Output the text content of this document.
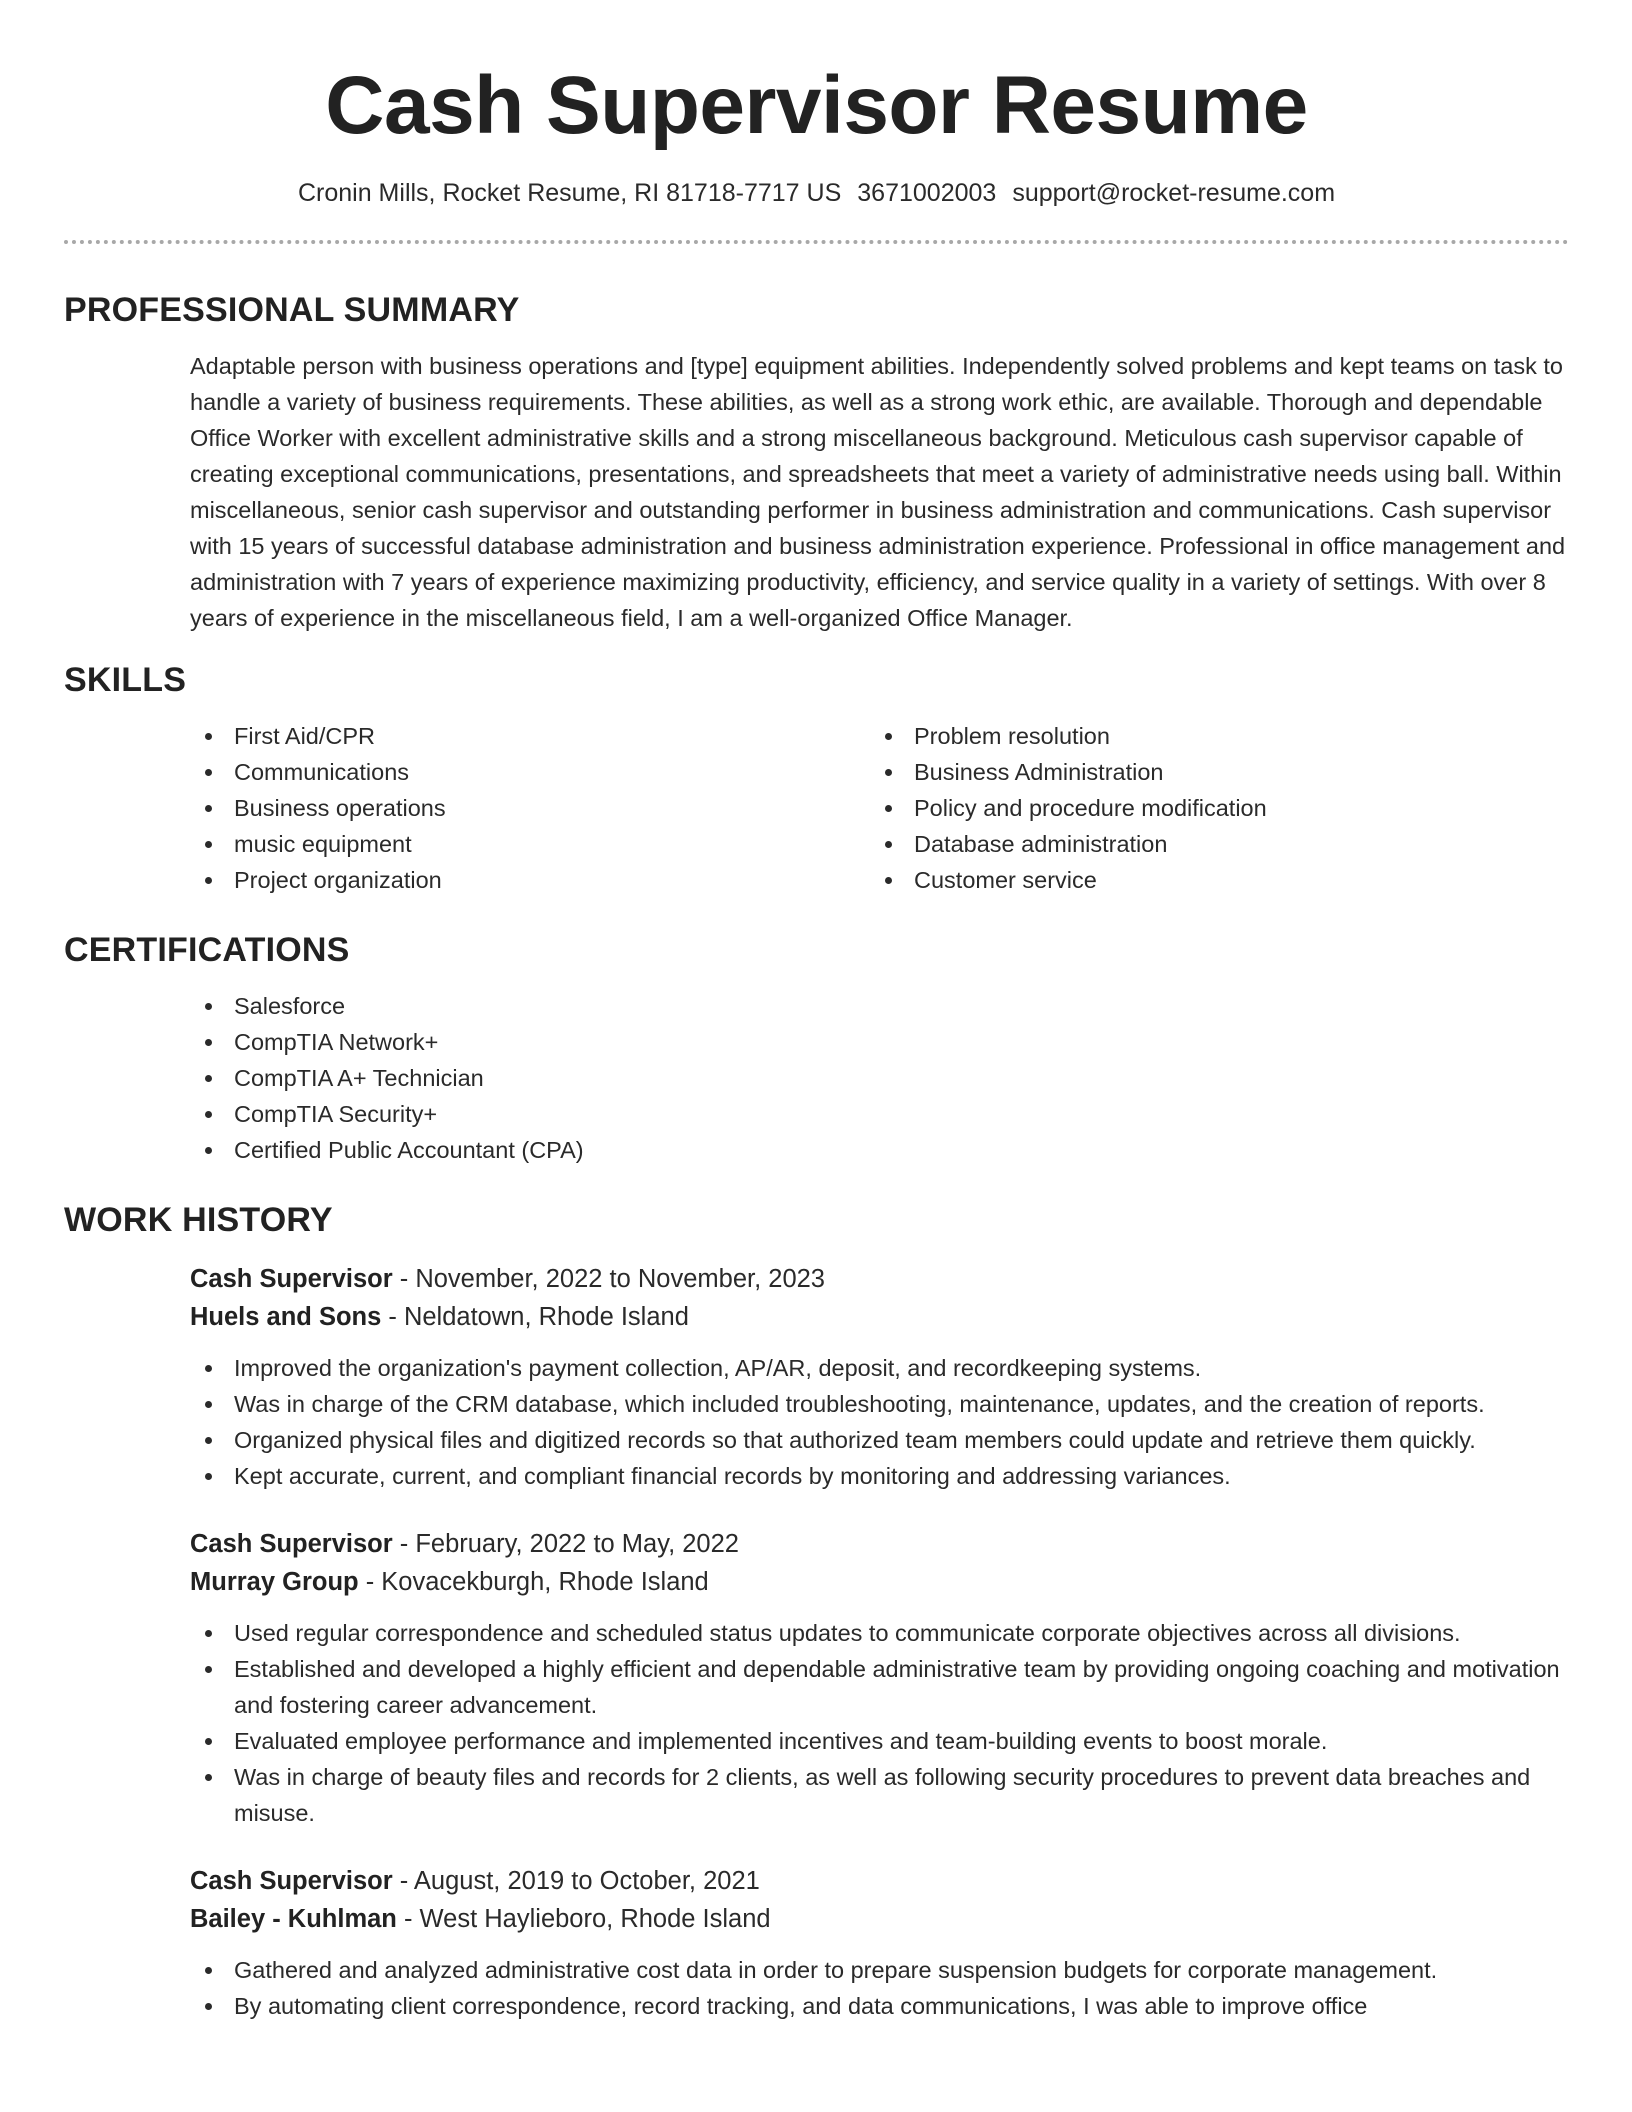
Cash Supervisor Resume
Cronin Mills, Rocket Resume, RI 81718-7717 US 3671002003 support@rocket-resume.com
PROFESSIONAL SUMMARY

Adaptable person with business operations and [type] equipment abilities. Independently solved problems and kept teams on task to handle a variety of business requirements. These abilities, as well as a strong work ethic, are available. Thorough and dependable Office Worker with excellent administrative skills and a strong miscellaneous background. Meticulous cash supervisor capable of creating exceptional communications, presentations, and spreadsheets that meet a variety of administrative needs using ball. Within miscellaneous, senior cash supervisor and outstanding performer in business administration and communications. Cash supervisor with 15 years of successful database administration and business administration experience. Professional in office management and administration with 7 years of experience maximizing productivity, efficiency, and service quality in a variety of settings. With over 8 years of experience in the miscellaneous field, I am a well-organized Office Manager.

SKILLS
First Aid/CPR
Communications
Business operations
music equipment
Project organization
Problem resolution
Business Administration
Policy and procedure modification
Database administration
Customer service
CERTIFICATIONS
Salesforce
CompTIA Network+
CompTIA A+ Technician
CompTIA Security+
Certified Public Accountant (CPA)
WORK HISTORY
Cash Supervisor - November, 2022 to November, 2023
Huels and Sons - Neldatown, Rhode Island
Improved the organization's payment collection, AP/AR, deposit, and recordkeeping systems.
Was in charge of the CRM database, which included troubleshooting, maintenance, updates, and the creation of reports.
Organized physical files and digitized records so that authorized team members could update and retrieve them quickly.
Kept accurate, current, and compliant financial records by monitoring and addressing variances.
Cash Supervisor - February, 2022 to May, 2022
Murray Group - Kovacekburgh, Rhode Island
Used regular correspondence and scheduled status updates to communicate corporate objectives across all divisions.
Established and developed a highly efficient and dependable administrative team by providing ongoing coaching and motivation and fostering career advancement.
Evaluated employee performance and implemented incentives and team-building events to boost morale.
Was in charge of beauty files and records for 2 clients, as well as following security procedures to prevent data breaches and misuse.
Cash Supervisor - August, 2019 to October, 2021
Bailey - Kuhlman - West Haylieboro, Rhode Island
Gathered and analyzed administrative cost data in order to prepare suspension budgets for corporate management.
By automating client correspondence, record tracking, and data communications, I was able to improve office
